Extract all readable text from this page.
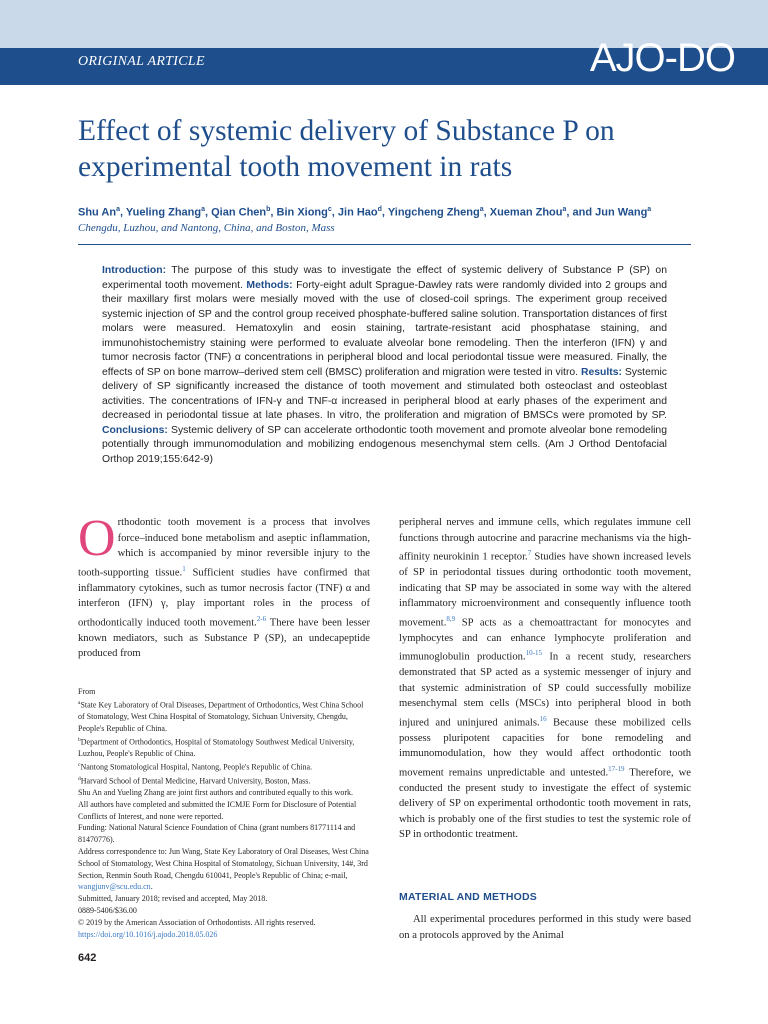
ORIGINAL ARTICLE	AJO-DO
Effect of systemic delivery of Substance P on experimental tooth movement in rats
Shu An$^a$, Yueling Zhang$^a$, Qian Chen$^b$, Bin Xiong$^c$, Jin Hao$^d$, Yingcheng Zheng$^a$, Xueman Zhou$^a$, and Jun Wang$^a$
Chengdu, Luzhou, and Nantong, China, and Boston, Mass

Introduction: The purpose of this study was to investigate the effect of systemic delivery of Substance P (SP) on experimental tooth movement. Methods: Forty-eight adult Sprague-Dawley rats were randomly divided into 2 groups and their maxillary first molars were mesially moved with the use of closed-coil springs. The experiment group received systemic injection of SP and the control group received phosphate-buffered saline solution. Transportation distances of first molars were measured. Hematoxylin and eosin staining, tartrate-resistant acid phosphatase staining, and immunohistochemistry staining were performed to evaluate alveolar bone remodeling. Then the interferon (IFN) γ and tumor necrosis factor (TNF) α concentrations in peripheral blood and local periodontal tissue were measured. Finally, the effects of SP on bone marrow–derived stem cell (BMSC) proliferation and migration were tested in vitro. Results: Systemic delivery of SP significantly increased the distance of tooth movement and stimulated both osteoclast and osteoblast activities. The concentrations of IFN-γ and TNF-α increased in peripheral blood at early phases of the experiment and decreased in periodontal tissue at late phases. In vitro, the proliferation and migration of BMSCs were promoted by SP. Conclusions: Systemic delivery of SP can accelerate orthodontic tooth movement and promote alveolar bone remodeling potentially through immunomodulation and mobilizing endogenous mesenchymal stem cells. (Am J Orthod Dentofacial Orthop 2019;155:642-9)

Orthodontic tooth movement is a process that involves force–induced bone metabolism and aseptic inflammation, which is accompanied by minor reversible injury to the tooth-supporting tissue.$^1$ Sufficient studies have confirmed that inflammatory cytokines, such as tumor necrosis factor (TNF) α and interferon (IFN) γ, play important roles in the process of orthodontically induced tooth movement.$^{2-6}$ There have been lesser known mediators, such as Substance P (SP), an undecapeptide produced from

From
$^a$State Key Laboratory of Oral Diseases, Department of Orthodontics, West China School of Stomatology, West China Hospital of Stomatology, Sichuan University, Chengdu, People's Republic of China.
$^b$Department of Orthodontics, Hospital of Stomatology Southwest Medical University, Luzhou, People's Republic of China.
$^c$Nantong Stomatological Hospital, Nantong, People's Republic of China.
$^d$Harvard School of Dental Medicine, Harvard University, Boston, Mass.
Shu An and Yueling Zhang are joint first authors and contributed equally to this work.
All authors have completed and submitted the ICMJE Form for Disclosure of Potential Conflicts of Interest, and none were reported.
Funding: National Natural Science Foundation of China (grant numbers 81771114 and 81470776).
Address correspondence to: Jun Wang, State Key Laboratory of Oral Diseases, West China School of Stomatology, West China Hospital of Stomatology, Sichuan University, 14#, 3rd Section, Renmin South Road, Chengdu 610041, People's Republic of China; e-mail, wangjunv@scu.edu.cn.
Submitted, January 2018; revised and accepted, May 2018.
0889-5406/$36.00
© 2019 by the American Association of Orthodontists. All rights reserved.
https://doi.org/10.1016/j.ajodo.2018.05.026
642

peripheral nerves and immune cells, which regulates immune cell functions through autocrine and paracrine mechanisms via the high-affinity neurokinin 1 receptor.$^7$ Studies have shown increased levels of SP in periodontal tissues during orthodontic tooth movement, indicating that SP may be associated in some way with the altered inflammatory microenvironment and consequently influence tooth movement.$^{8,9}$ SP acts as a chemoattractant for monocytes and lymphocytes and can enhance lymphocyte proliferation and immunoglobulin production.$^{10-15}$ In a recent study, researchers demonstrated that SP acted as a systemic messenger of injury and that systemic administration of SP could successfully mobilize mesenchymal stem cells (MSCs) into peripheral blood in both injured and uninjured animals.$^{16}$ Because these mobilized cells possess pluripotent capacities for bone remodeling and immunomodulation, how they would affect orthodontic tooth movement remains unpredictable and untested.$^{17-19}$ Therefore, we conducted the present study to investigate the effect of systemic delivery of SP on experimental orthodontic tooth movement in rats, which is probably one of the first studies to test the systemic role of SP in orthodontic treatment.

MATERIAL AND METHODS

All experimental procedures performed in this study were based on a protocols approved by the Animal
